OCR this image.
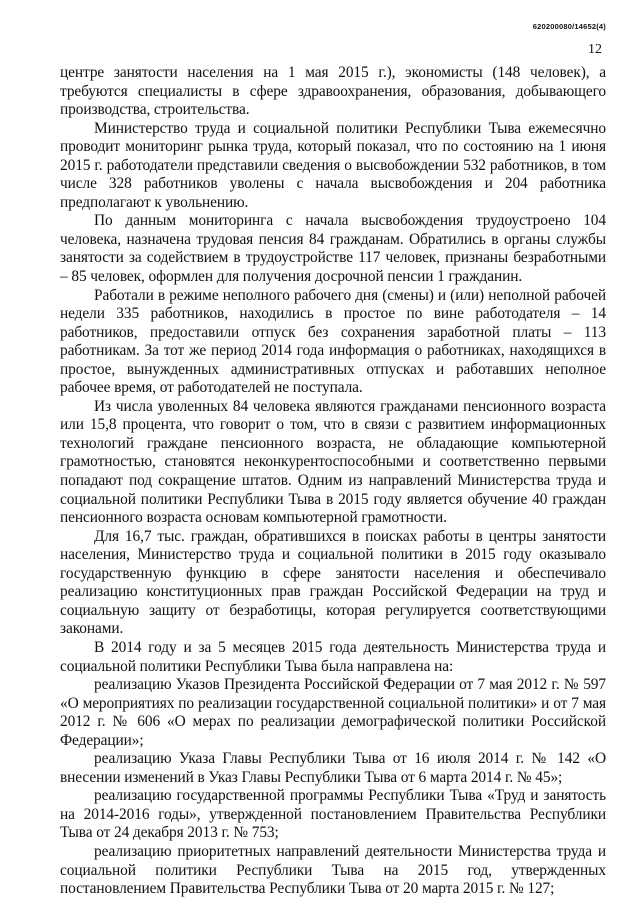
620200080/14652(4)
12

центре занятости населения на 1 мая 2015 г.), экономисты (148 человек), а требуются специалисты в сфере здравоохранения, образования, добывающего производства, строительства.

Министерство труда и социальной политики Республики Тыва ежемесячно проводит мониторинг рынка труда, который показал, что по состоянию на 1 июня 2015 г. работодатели представили сведения о высвобождении 532 работников, в том числе 328 работников уволены с начала высвобождения и 204 работника предполагают к увольнению.

По данным мониторинга с начала высвобождения трудоустроено 104 человека, назначена трудовая пенсия 84 гражданам. Обратились в органы службы занятости за содействием в трудоустройстве 117 человек, признаны безработными – 85 человек, оформлен для получения досрочной пенсии 1 гражданин.

Работали в режиме неполного рабочего дня (смены) и (или) неполной рабочей недели 335 работников, находились в простое по вине работодателя – 14 работников, предоставили отпуск без сохранения заработной платы – 113 работникам. За тот же период 2014 года информация о работниках, находящихся в простое, вынужденных административных отпусках и работавших неполное рабочее время, от работодателей не поступала.

Из числа уволенных 84 человека являются гражданами пенсионного возраста или 15,8 процента, что говорит о том, что в связи с развитием информационных технологий граждане пенсионного возраста, не обладающие компьютерной грамотностью, становятся неконкурентоспособными и соответственно первыми попадают под сокращение штатов. Одним из направлений Министерства труда и социальной политики Республики Тыва в 2015 году является обучение 40 граждан пенсионного возраста основам компьютерной грамотности.

Для 16,7 тыс. граждан, обратившихся в поисках работы в центры занятости населения, Министерство труда и социальной политики в 2015 году оказывало государственную функцию в сфере занятости населения и обеспечивало реализацию конституционных прав граждан Российской Федерации на труд и социальную защиту от безработицы, которая регулируется соответствующими законами.

В 2014 году и за 5 месяцев 2015 года деятельность Министерства труда и социальной политики Республики Тыва была направлена на:

реализацию Указов Президента Российской Федерации от 7 мая 2012 г. № 597 «О мероприятиях по реализации государственной социальной политики» и от 7 мая 2012 г. № 606 «О мерах по реализации демографической политики Российской Федерации»;

реализацию Указа Главы Республики Тыва от 16 июля 2014 г. № 142 «О внесении изменений в Указ Главы Республики Тыва от 6 марта 2014 г. № 45»;

реализацию государственной программы Республики Тыва «Труд и занятость на 2014-2016 годы», утвержденной постановлением Правительства Республики Тыва от 24 декабря 2013 г. № 753;

реализацию приоритетных направлений деятельности Министерства труда и социальной политики Республики Тыва на 2015 год, утвержденных постановлением Правительства Республики Тыва от 20 марта 2015 г. № 127;
